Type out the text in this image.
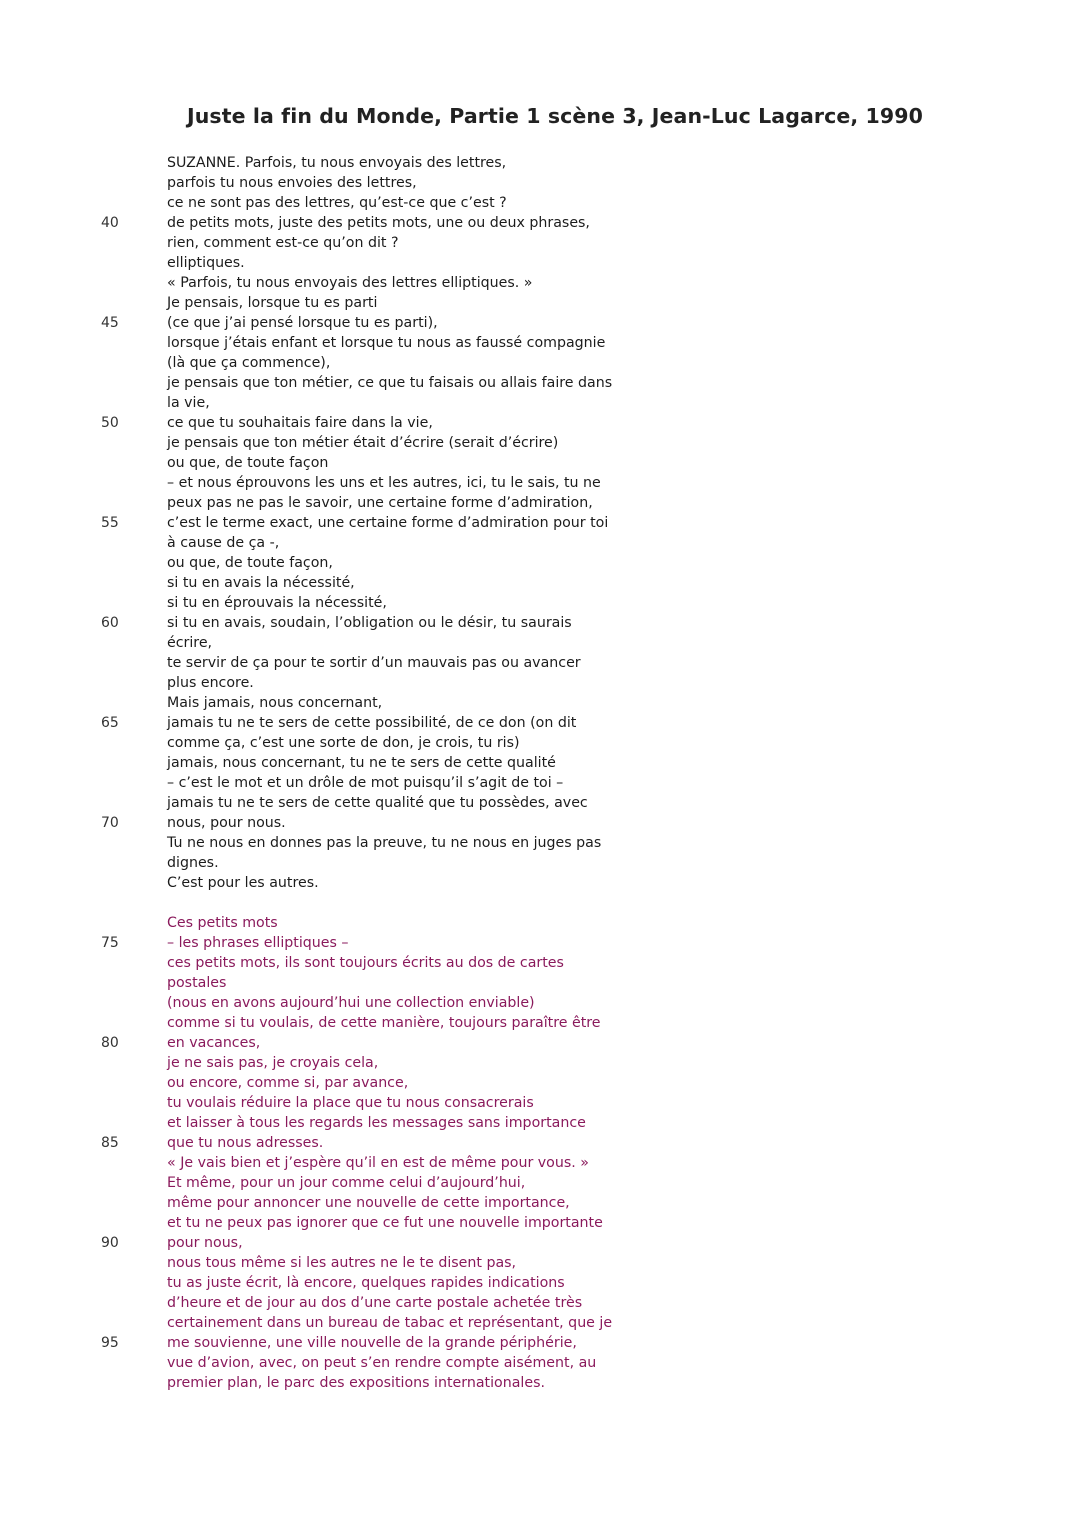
Juste la fin du Monde, Partie 1 scène 3, Jean-Luc Lagarce, 1990
SUZANNE. Parfois, tu nous envoyais des lettres,
parfois tu nous envoies des lettres,
ce ne sont pas des lettres, qu’est-ce que c’est ?
40	de petits mots, juste des petits mots, une ou deux phrases,
rien, comment est-ce qu’on dit ?
elliptiques.
« Parfois, tu nous envoyais des lettres elliptiques. »
Je pensais, lorsque tu es parti
45	(ce que j’ai pensé lorsque tu es parti),
lorsque j’étais enfant et lorsque tu nous as faussé compagnie
(là que ça commence),
je pensais que ton métier, ce que tu faisais ou allais faire dans
la vie,
50	ce que tu souhaitais faire dans la vie,
je pensais que ton métier était d’écrire (serait d’écrire)
ou que, de toute façon
– et nous éprouvons les uns et les autres, ici, tu le sais, tu ne
peux pas ne pas le savoir, une certaine forme d’admiration,
55	c’est le terme exact, une certaine forme d’admiration pour toi
à cause de ça -,
ou que, de toute façon,
si tu en avais la nécessité,
si tu en éprouvais la nécessité,
60	si tu en avais, soudain, l’obligation ou le désir, tu saurais
écrire,
te servir de ça pour te sortir d’un mauvais pas ou avancer
plus encore.
Mais jamais, nous concernant,
65	jamais tu ne te sers de cette possibilité, de ce don (on dit
comme ça, c’est une sorte de don, je crois, tu ris)
jamais, nous concernant, tu ne te sers de cette qualité
– c’est le mot et un drôle de mot puisqu’il s’agit de toi –
jamais tu ne te sers de cette qualité que tu possèdes, avec
70	nous, pour nous.
Tu ne nous en donnes pas la preuve, tu ne nous en juges pas
dignes.
C’est pour les autres.
Ces petits mots
75	– les phrases elliptiques –
ces petits mots, ils sont toujours écrits au dos de cartes
postales
(nous en avons aujourd’hui une collection enviable)
comme si tu voulais, de cette manière, toujours paraître être
80	en vacances,
je ne sais pas, je croyais cela,
ou encore, comme si, par avance,
tu voulais réduire la place que tu nous consacrerais
et laisser à tous les regards les messages sans importance
85	que tu nous adresses.
« Je vais bien et j’espère qu’il en est de même pour vous. »
Et même, pour un jour comme celui d’aujourd’hui,
même pour annoncer une nouvelle de cette importance,
et tu ne peux pas ignorer que ce fut une nouvelle importante
90	pour nous,
nous tous même si les autres ne le te disent pas,
tu as juste écrit, là encore, quelques rapides indications
d’heure et de jour au dos d’une carte postale achetée très
certainement dans un bureau de tabac et représentant, que je
95	me souvienne, une ville nouvelle de la grande périphérie,
vue d’avion, avec, on peut s’en rendre compte aisément, au
premier plan, le parc des expositions internationales.
